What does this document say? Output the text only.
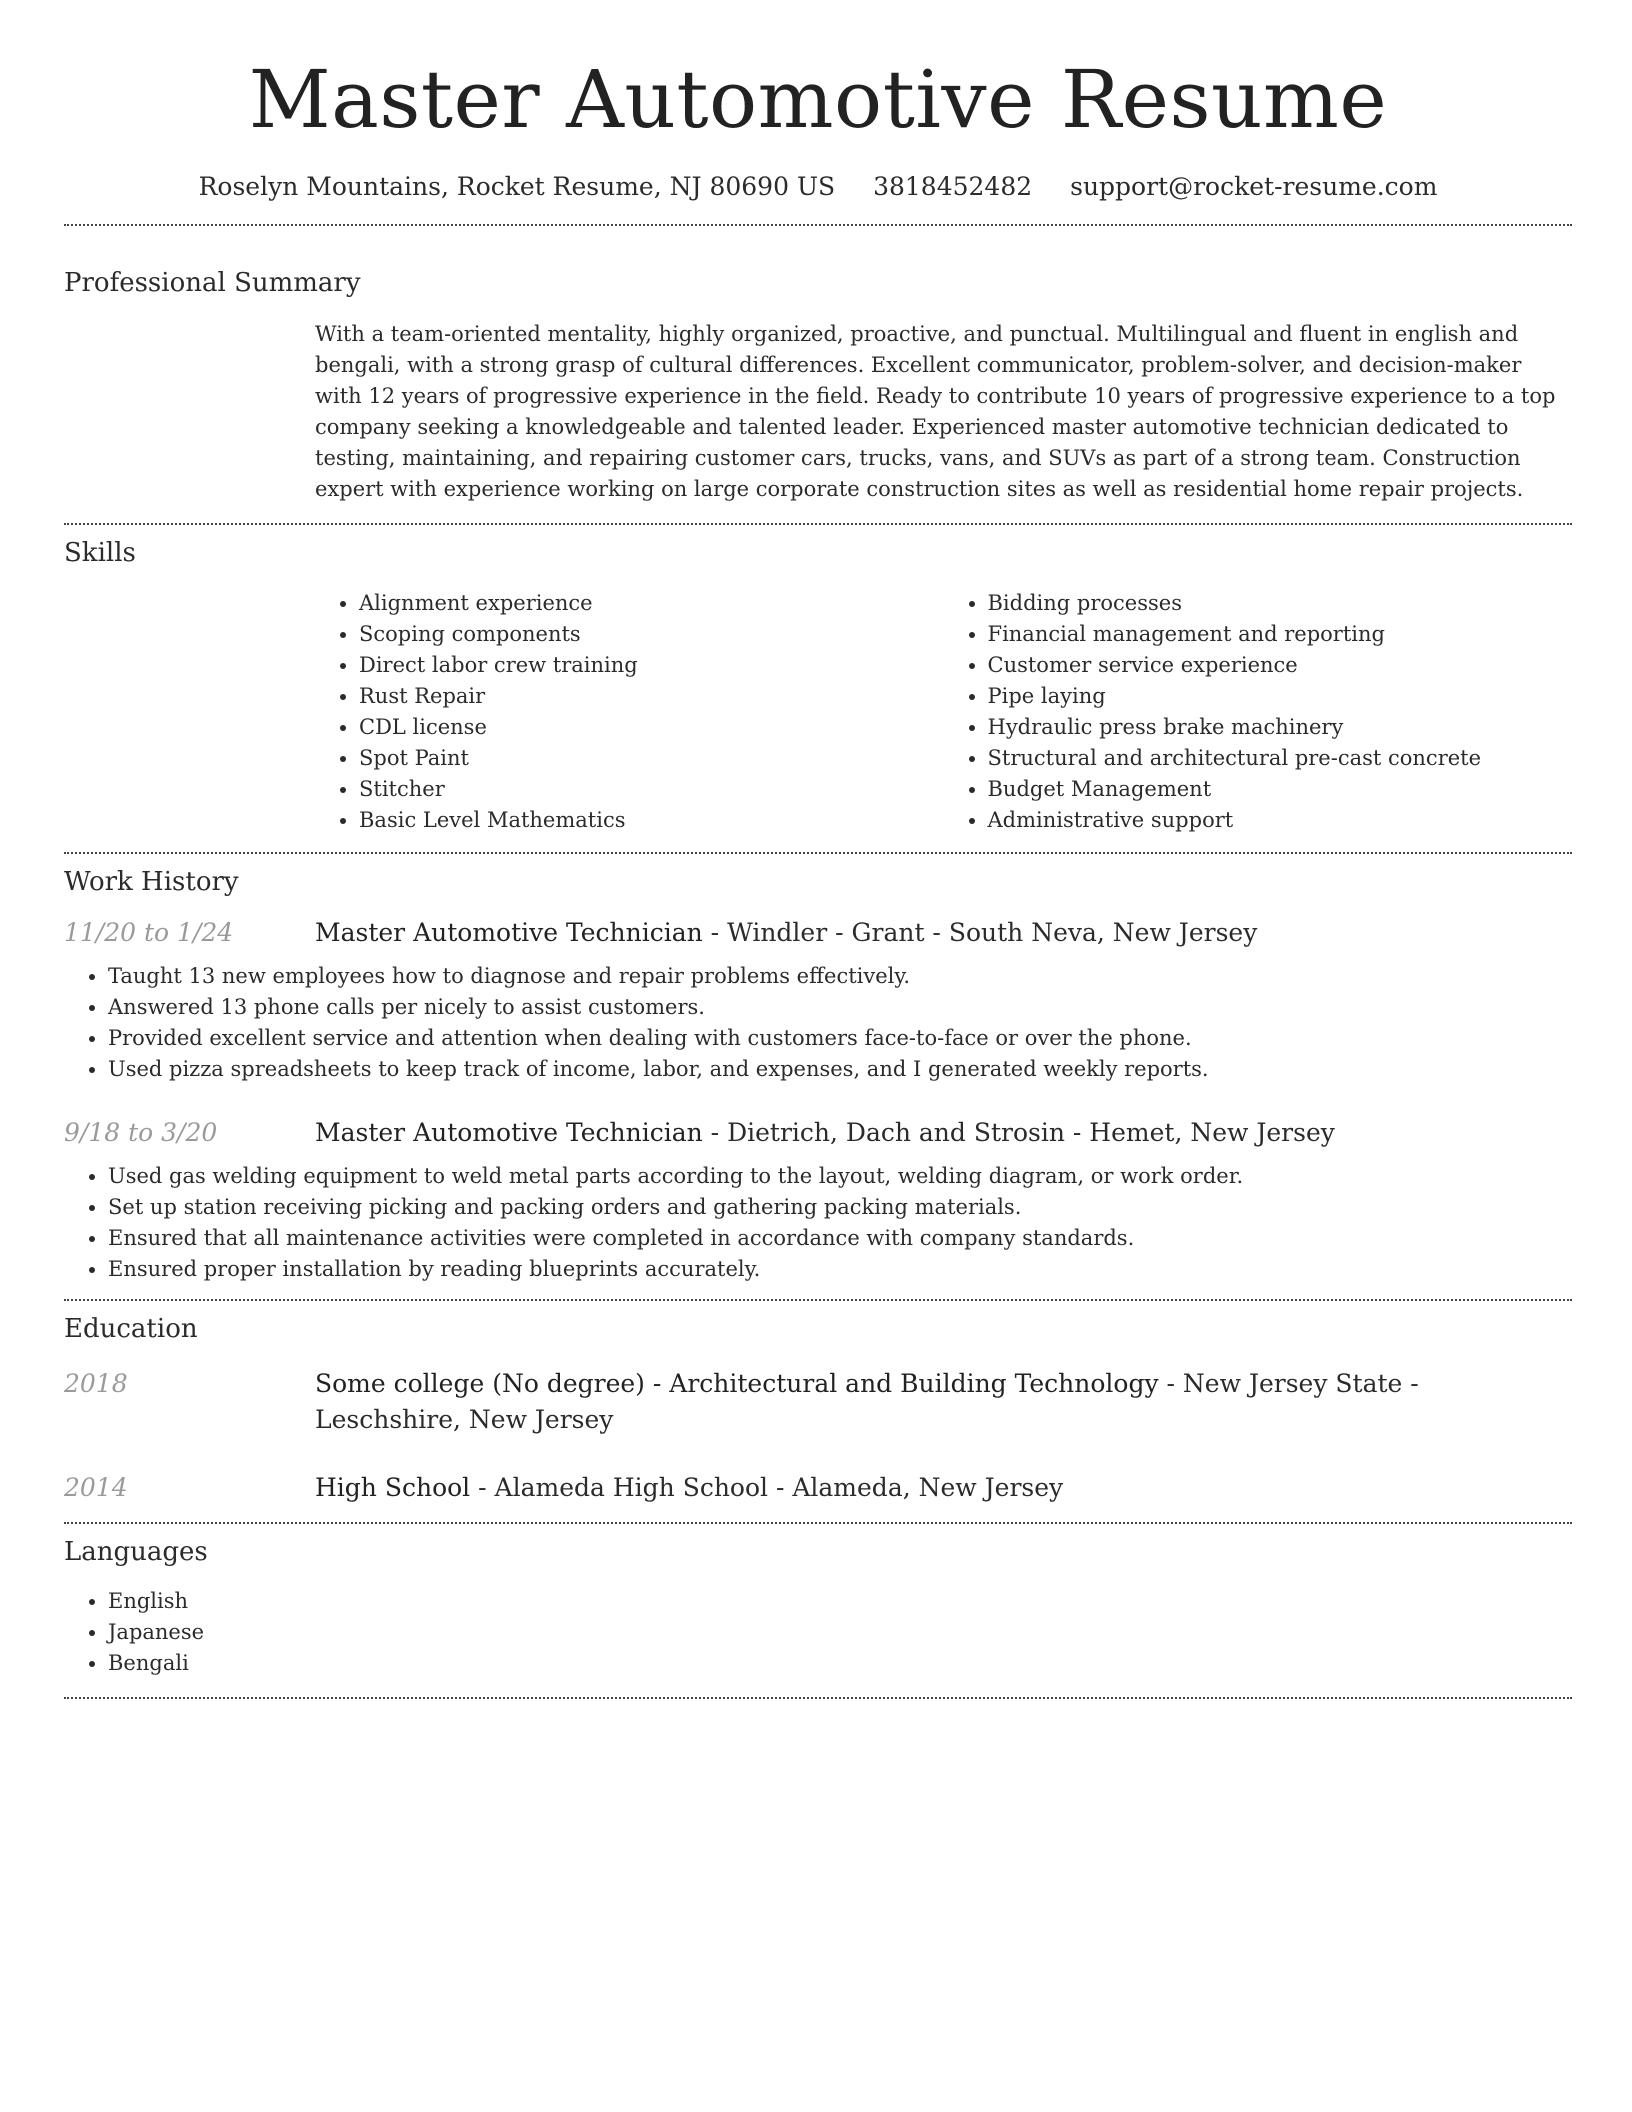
Master Automotive Resume
Roselyn Mountains, Rocket Resume, NJ 80690 US 3818452482 support@rocket-resume.com
Professional Summary
With a team-oriented mentality, highly organized, proactive, and punctual. Multilingual and fluent in english and bengali, with a strong grasp of cultural differences. Excellent communicator, problem-solver, and decision-maker with 12 years of progressive experience in the field. Ready to contribute 10 years of progressive experience to a top company seeking a knowledgeable and talented leader. Experienced master automotive technician dedicated to testing, maintaining, and repairing customer cars, trucks, vans, and SUVs as part of a strong team. Construction expert with experience working on large corporate construction sites as well as residential home repair projects.
Skills
• Alignment experience
• Scoping components
• Direct labor crew training
• Rust Repair
• CDL license
• Spot Paint
• Stitcher
• Basic Level Mathematics
• Bidding processes
• Financial management and reporting
• Customer service experience
• Pipe laying
• Hydraulic press brake machinery
• Structural and architectural pre-cast concrete
• Budget Management
• Administrative support
Work History
11/20 to 1/24	Master Automotive Technician - Windler - Grant - South Neva, New Jersey
• Taught 13 new employees how to diagnose and repair problems effectively.
• Answered 13 phone calls per nicely to assist customers.
• Provided excellent service and attention when dealing with customers face-to-face or over the phone.
• Used pizza spreadsheets to keep track of income, labor, and expenses, and I generated weekly reports.
9/18 to 3/20	Master Automotive Technician - Dietrich, Dach and Strosin - Hemet, New Jersey
• Used gas welding equipment to weld metal parts according to the layout, welding diagram, or work order.
• Set up station receiving picking and packing orders and gathering packing materials.
• Ensured that all maintenance activities were completed in accordance with company standards.
• Ensured proper installation by reading blueprints accurately.
Education
2018	Some college (No degree) - Architectural and Building Technology - New Jersey State - Leschshire, New Jersey
2014	High School - Alameda High School - Alameda, New Jersey
Languages
• English
• Japanese
• Bengali
